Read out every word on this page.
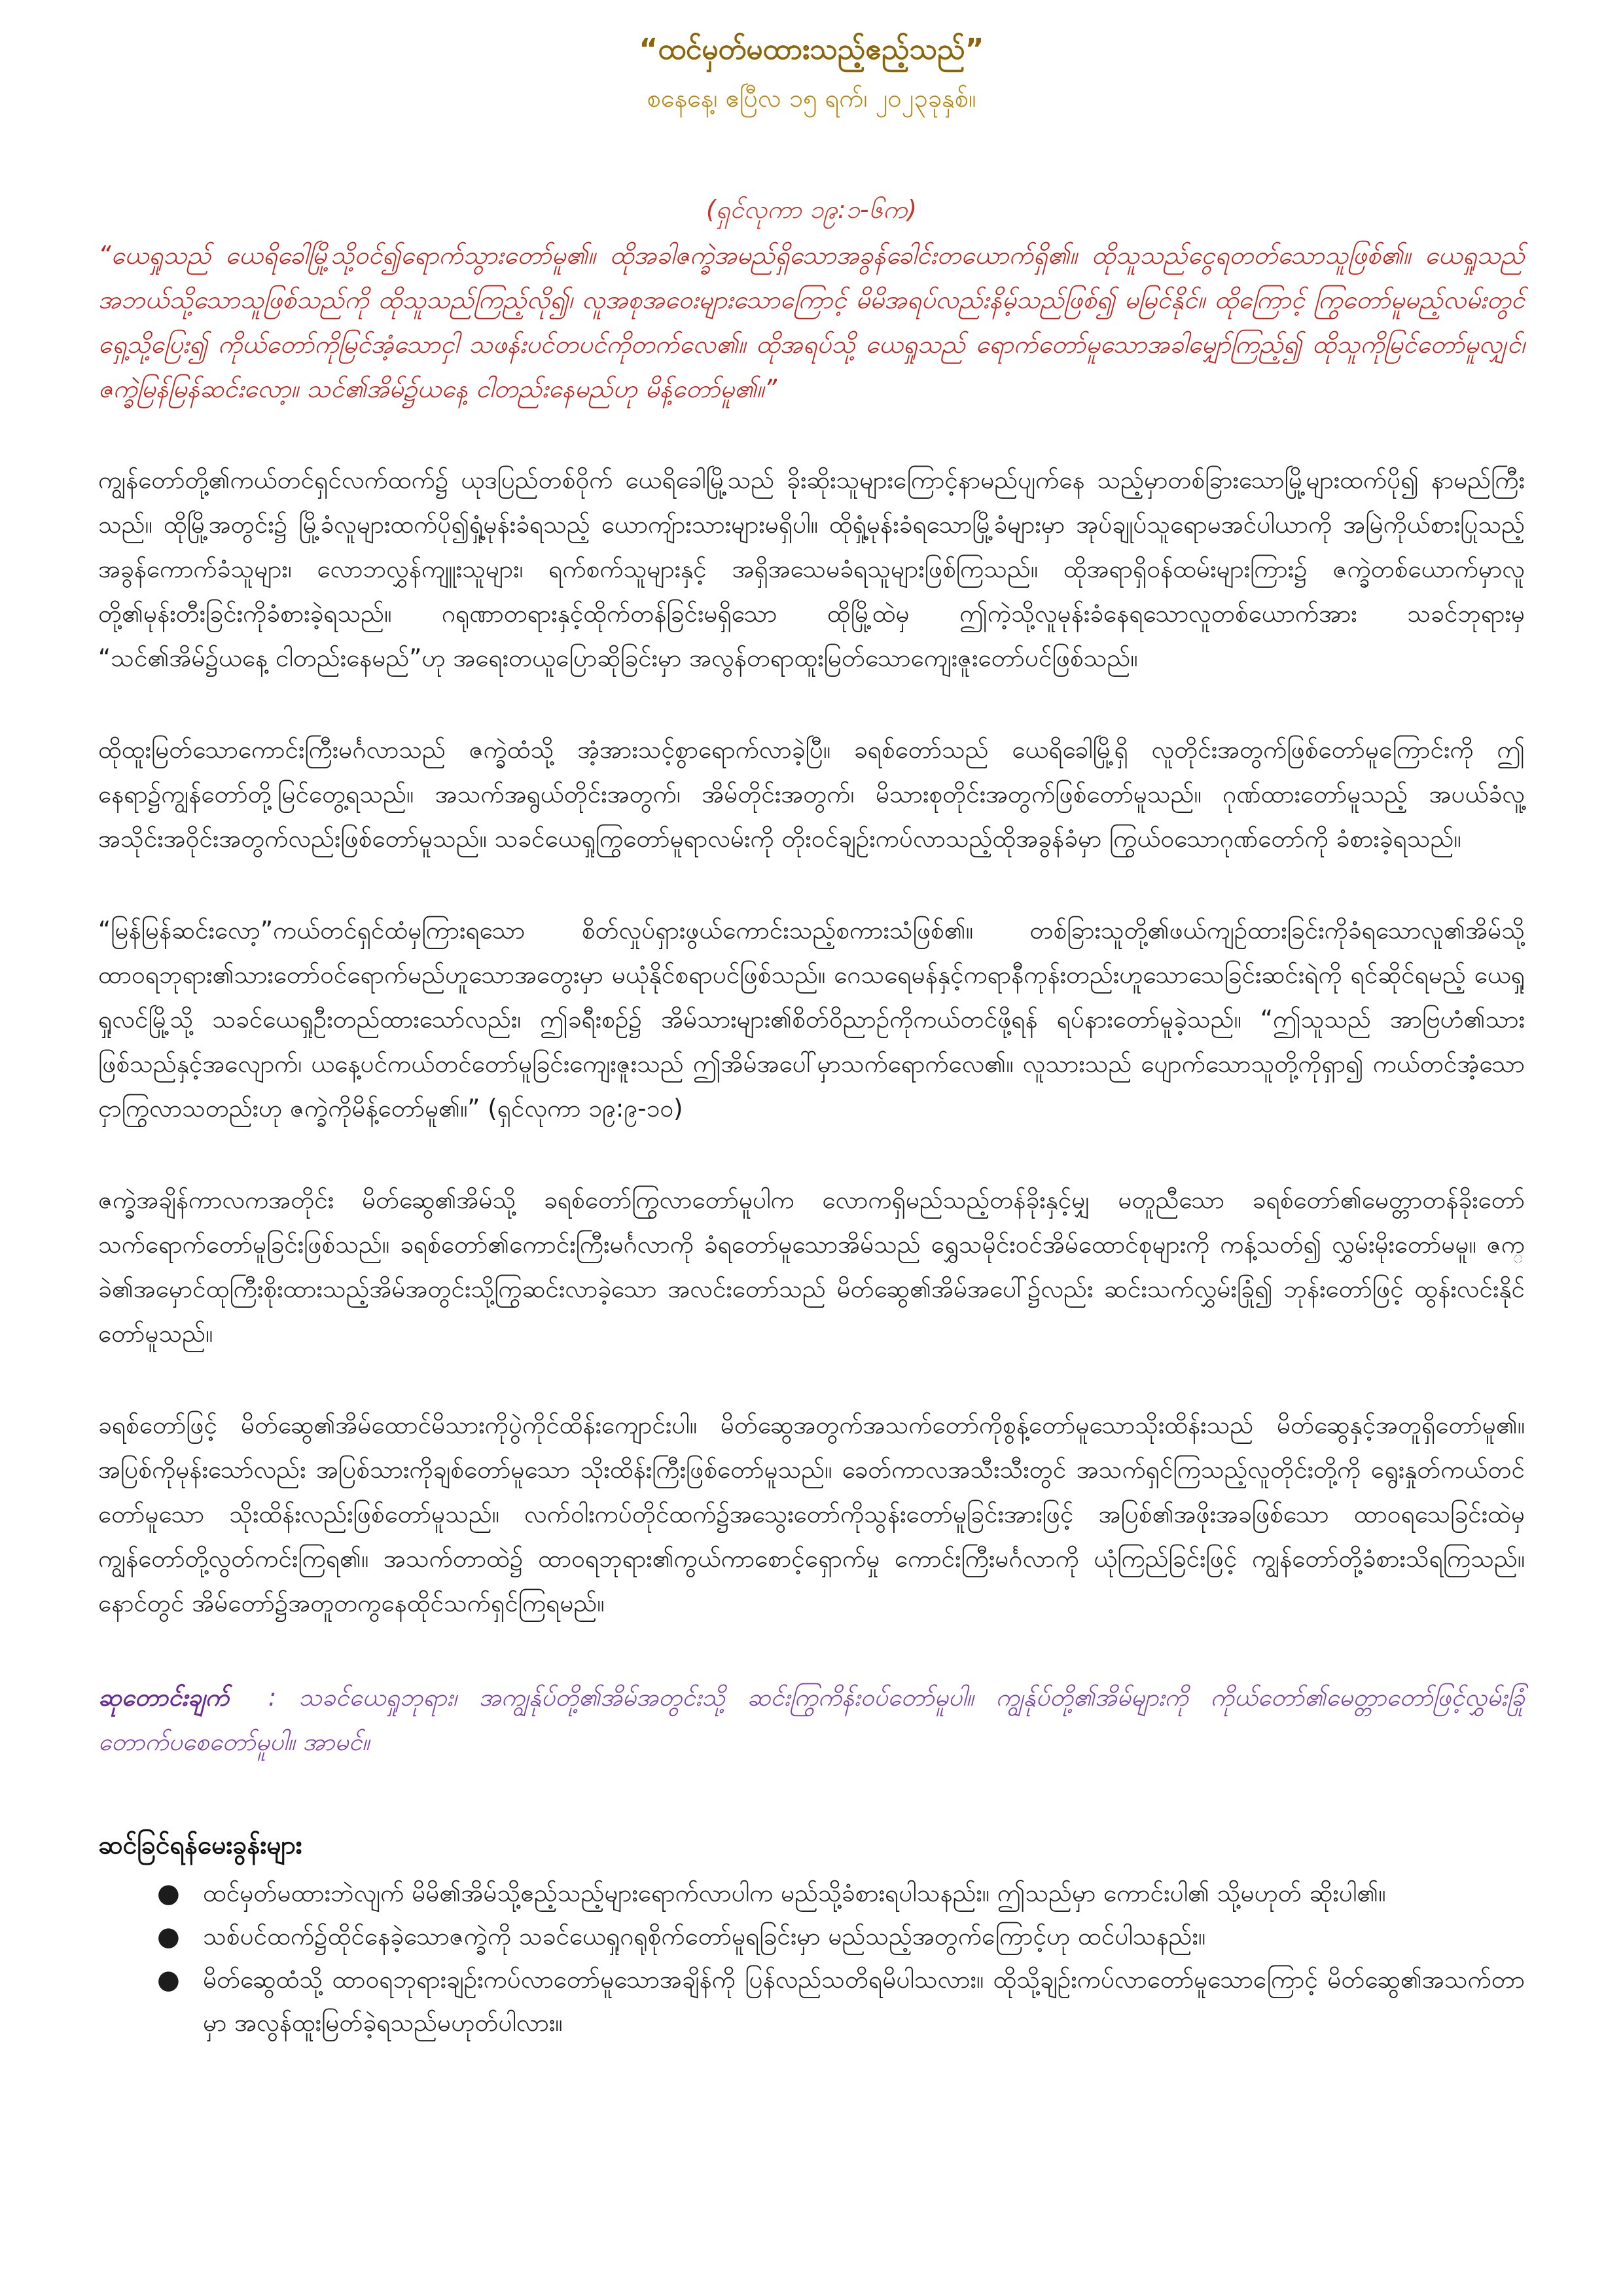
“ထင်မှတ်မထားသည့်ဧည့်သည်”

စနေနေ့၊ ဧပြီလ ၁၅ ရက်၊ ၂၀၂၃ခုနှစ်။

(ရှင်လုကာ ၁၉:၁-၆က)

“ယေရှုသည် ယေရိခေါမြို့သို့ဝင်၍ရောက်သွားတော်မူ၏။ ထိုအခါဇက္ခဲအမည်ရှိသောအခွန်ခေါင်းတယောက်ရှိ၏။ ထိုသူသည်ငွေရတတ်သောသူဖြစ်၏။ ယေရှုသည် အဘယ်သို့သောသူဖြစ်သည်ကို ထိုသူသည်ကြည့်လို၍၊ လူအစုအဝေးများသောကြောင့် မိမိအရပ်လည်းနိမ့်သည်ဖြစ်၍ မမြင်နိုင်။ ထိုကြောင့် ကြွတော်မူမည့်လမ်းတွင် ရှေ့သို့ပြေး၍ ကိုယ်တော်ကိုမြင်အံ့သောငှါ သဖန်းပင်တပင်ကိုတက်လေ၏။ ထိုအရပ်သို့ ယေရှုသည် ရောက်တော်မူသောအခါမျှော်ကြည့်၍ ထိုသူကိုမြင်တော်မူလျှင်၊ ဇက္ခဲမြန်မြန်ဆင်းလော့။ သင်၏အိမ်၌ယနေ့ ငါတည်းနေမည်ဟု မိန့်တော်မူ၏။”

ကျွန်တော်တို့၏ကယ်တင်ရှင်လက်ထက်၌ ယုဒပြည်တစ်ဝိုက် ယေရိခေါမြို့သည် ခိုးဆိုးသူများကြောင့်နာမည်ပျက်နေ သည့်မှာတစ်ခြားသောမြို့များထက်ပို၍ နာမည်ကြီးသည်။ ထိုမြို့အတွင်း၌ မြို့ခံလူများထက်ပို၍ရှုံ့မုန်းခံရသည့် ယောကျ်ားသားများမရှိပါ။ ထိုရှုံ့မုန်းခံရသောမြို့ခံများမှာ အုပ်ချုပ်သူရောမအင်ပါယာကို အမြဲကိုယ်စားပြုသည့် အခွန်ကောက်ခံသူများ၊ လောဘလွှန်ကျူးသူများ၊ ရက်စက်သူများနှင့် အရှိအသေမခံရသူများဖြစ်ကြသည်။ ထိုအရာရှိဝန်ထမ်းများကြား၌ ဇက္ခဲတစ်ယောက်မှာလူတို့၏မုန်းတီးခြင်းကိုခံစားခဲ့ရသည်။ ဂရုဏာတရားနှင့်ထိုက်တန်ခြင်းမရှိသော ထိုမြို့ထဲမှ ဤကဲ့သို့လူမုန်းခံနေရသောလူတစ်ယောက်အား သခင်ဘုရားမှ “သင်၏အိမ်၌ယနေ့ ငါတည်းနေမည်”ဟု အရေးတယူပြောဆိုခြင်းမှာ အလွန်တရာထူးမြတ်သောကျေးဇူးတော်ပင်ဖြစ်သည်။

ထိုထူးမြတ်သောကောင်းကြီးမင်္ဂလာသည် ဇက္ခဲထံသို့ အံ့အားသင့်စွာရောက်လာခဲ့ပြီ။ ခရစ်တော်သည် ယေရိခေါမြို့ရှိ လူတိုင်းအတွက်ဖြစ်တော်မူကြောင်းကို ဤနေရာ၌ကျွန်တော်တို့မြင်တွေ့ရသည်။ အသက်အရွယ်တိုင်းအတွက်၊ အိမ်တိုင်းအတွက်၊ မိသားစုတိုင်းအတွက်ဖြစ်တော်မူသည်။ ဂုဏ်ထားတော်မူသည့် အပယ်ခံလူ့အသိုင်းအဝိုင်းအတွက်လည်းဖြစ်တော်မူသည်။ သခင်ယေရှုကြွတော်မူရာလမ်းကို တိုးဝင်ချဉ်းကပ်လာသည့်ထိုအခွန်ခံမှာ ကြွယ်ဝသောဂုဏ်တော်ကို ခံစားခဲ့ရသည်။

“မြန်မြန်ဆင်းလော့”ကယ်တင်ရှင်ထံမှကြားရသော စိတ်လှုပ်ရှားဖွယ်ကောင်းသည့်စကားသံဖြစ်၏။ တစ်ခြားသူတို့၏ဖယ်ကျဉ်ထားခြင်းကိုခံရသောလူ၏အိမ်သို့ ထာဝရဘုရား၏သားတော်ဝင်ရောက်မည်ဟူသောအတွေးမှာ မယုံနိုင်စရာပင်ဖြစ်သည်။ ဂေသရေမန်နှင့်ကရာနီကုန်းတည်းဟူသောသေခြင်းဆင်းရဲကို ရင်ဆိုင်ရမည့် ယေရှုရှုလင်မြို့သို့ သခင်ယေရှုဦးတည်ထားသော်လည်း၊ ဤခရီးစဉ်၌ အိမ်သားများ၏စိတ်ဝိညာဉ်ကိုကယ်တင်ဖို့ရန် ရပ်နားတော်မူခဲ့သည်။ “ဤသူသည် အာဗြဟံ၏သားဖြစ်သည်နှင့်အလျောက်၊ ယနေ့ပင်ကယ်တင်တော်မူခြင်းကျေးဇူးသည် ဤအိမ်အပေါ်မှာသက်ရောက်လေ၏။ လူသားသည် ပျောက်သောသူတို့ကိုရှာ၍ ကယ်တင်အံ့သောငှာကြွလာသတည်းဟု ဇက္ခဲကိုမိန့်တော်မူ၏။” (ရှင်လုကာ ၁၉:၉-၁၀)

ဇက္ခဲအချိန်ကာလကအတိုင်း မိတ်ဆွေ၏အိမ်သို့ ခရစ်တော်ကြွလာတော်မူပါက လောကရှိမည်သည့်တန်ခိုးနှင့်မျှ မတူညီသော ခရစ်တော်၏မေတ္တာတန်ခိုးတော်သက်ရောက်တော်မူခြင်းဖြစ်သည်။ ခရစ်တော်၏ကောင်းကြီးမင်္ဂလာကို ခံရတော်မူသောအိမ်သည် ရွှေသမိုင်းဝင်အိမ်ထောင်စုများကို ကန့်သတ်၍ လွှမ်းမိုးတော်မမူ။ ဇက္ခဲ၏အမှောင်ထုကြီးစိုးထားသည့်အိမ်အတွင်းသို့ကြွဆင်းလာခဲ့သော အလင်းတော်သည် မိတ်ဆွေ၏အိမ်အပေါ်၌လည်း ဆင်းသက်လွှမ်းခြုံ၍ ဘုန်းတော်ဖြင့် ထွန်းလင်းနိုင်တော်မူသည်။

ခရစ်တော်ဖြင့် မိတ်ဆွေ၏အိမ်ထောင်မိသားကိုပွဲကိုင်ထိန်းကျောင်းပါ။ မိတ်ဆွေအတွက်အသက်တော်ကိုစွန့်တော်မူသောသိုးထိန်းသည် မိတ်ဆွေနှင့်အတူရှိတော်မူ၏။ အပြစ်ကိုမုန်းသော်လည်း အပြစ်သားကိုချစ်တော်မူသော သိုးထိန်းကြီးဖြစ်တော်မူသည်။ ခေတ်ကာလအသီးသီးတွင် အသက်ရှင်ကြသည့်လူတိုင်းတို့ကို ရွေးနှုတ်ကယ်တင်တော်မူသော သိုးထိန်းလည်းဖြစ်တော်မူသည်။ လက်ဝါးကပ်တိုင်ထက်၌အသွေးတော်ကိုသွန်းတော်မူခြင်းအားဖြင့် အပြစ်၏အဖိုးအခဖြစ်သော ထာဝရသေခြင်းထဲမှ ကျွန်တော်တို့လွတ်ကင်းကြရ၏။ အသက်တာထဲ၌ ထာဝရဘုရား၏ကွယ်ကာစောင့်ရှောက်မှု ကောင်းကြီးမင်္ဂလာကို ယုံကြည်ခြင်းဖြင့် ကျွန်တော်တို့ခံစားသိရကြသည်။ နောင်တွင် အိမ်တော်၌အတူတကွနေထိုင်သက်ရှင်ကြရမည်။

ဆုတောင်းချက် : သခင်ယေရှုဘုရား၊ အကျွန်ုပ်တို့၏အိမ်အတွင်းသို့ ဆင်းကြွကိန်းဝပ်တော်မူပါ။ ကျွန်ုပ်တို့၏အိမ်များကို ကိုယ်တော်၏မေတ္တာတော်ဖြင့်လွှမ်းခြုံတောက်ပစေတော်မူပါ။ အာမင်။

ဆင်ခြင်ရန်မေးခွန်းများ
● ထင်မှတ်မထားဘဲလျက် မိမိ၏အိမ်သို့ဧည့်သည့်များရောက်လာပါက မည်သို့ခံစားရပါသနည်း။ ဤသည်မှာ ကောင်းပါ၏ သို့မဟုတ် ဆိုးပါ၏။
● သစ်ပင်ထက်၌ထိုင်နေခဲ့သောဇက္ခဲကို သခင်ယေရှုဂရုစိုက်တော်မူရခြင်းမှာ မည်သည့်အတွက်ကြောင့်ဟု ထင်ပါသနည်း။
● မိတ်ဆွေထံသို့ ထာဝရဘုရားချဉ်းကပ်လာတော်မူသောအချိန်ကို ပြန်လည်သတိရမိပါသလား။ ထိုသို့ချဉ်းကပ်လာတော်မူသောကြောင့် မိတ်ဆွေ၏အသက်တာမှာ အလွန်ထူးမြတ်ခဲ့ရသည်မဟုတ်ပါလား။
